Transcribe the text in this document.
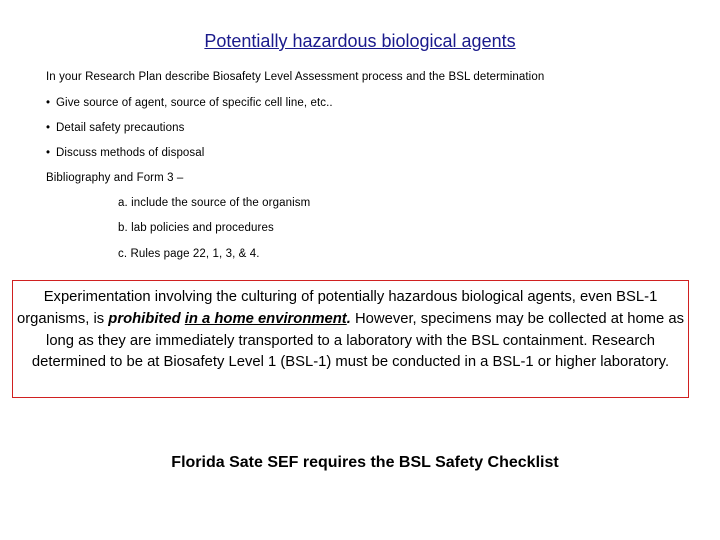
Potentially hazardous biological agents
In your Research Plan describe Biosafety Level Assessment process and the BSL determination
• Give source of agent, source of specific cell line, etc..
• Detail safety precautions
• Discuss methods of disposal
Bibliography and Form 3 –
a. include the source of the organism
b. lab policies and procedures
c. Rules page 22, 1, 3, & 4.
Experimentation involving the culturing of potentially hazardous biological agents, even BSL-1 organisms, is prohibited in a home environment. However, specimens may be collected at home as long as they are immediately transported to a laboratory with the BSL containment. Research determined to be at Biosafety Level 1 (BSL-1) must be conducted in a BSL-1 or higher laboratory.
Florida Sate SEF requires the BSL Safety Checklist
